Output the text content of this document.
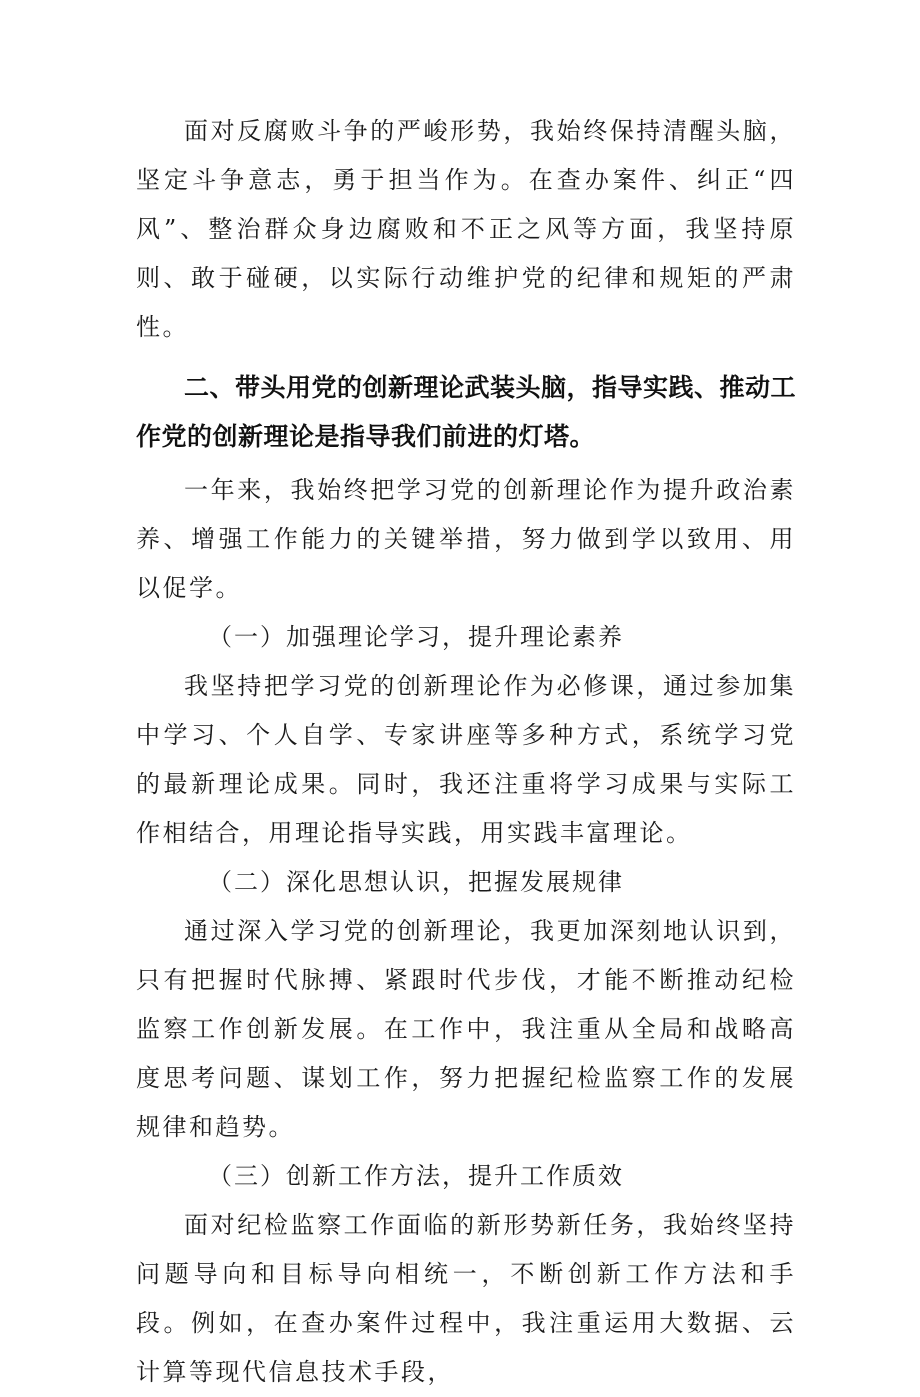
面对反腐败斗争的严峻形势，我始终保持清醒头脑，坚定斗争意志，勇于担当作为。在查办案件、纠正“四风”、整治群众身边腐败和不正之风等方面，我坚持原则、敢于碰硬，以实际行动维护党的纪律和规矩的严肃性。

二、带头用党的创新理论武装头脑，指导实践、推动工作党的创新理论是指导我们前进的灯塔。

一年来，我始终把学习党的创新理论作为提升政治素养、增强工作能力的关键举措，努力做到学以致用、用以促学。

（一）加强理论学习，提升理论素养

我坚持把学习党的创新理论作为必修课，通过参加集中学习、个人自学、专家讲座等多种方式，系统学习党的最新理论成果。同时，我还注重将学习成果与实际工作相结合，用理论指导实践，用实践丰富理论。

（二）深化思想认识，把握发展规律

通过深入学习党的创新理论，我更加深刻地认识到，只有把握时代脉搏、紧跟时代步伐，才能不断推动纪检监察工作创新发展。在工作中，我注重从全局和战略高度思考问题、谋划工作，努力把握纪检监察工作的发展规律和趋势。

（三）创新工作方法，提升工作质效

面对纪检监察工作面临的新形势新任务，我始终坚持问题导向和目标导向相统一，不断创新工作方法和手段。例如，在查办案件过程中，我注重运用大数据、云计算等现代信息技术手段，
